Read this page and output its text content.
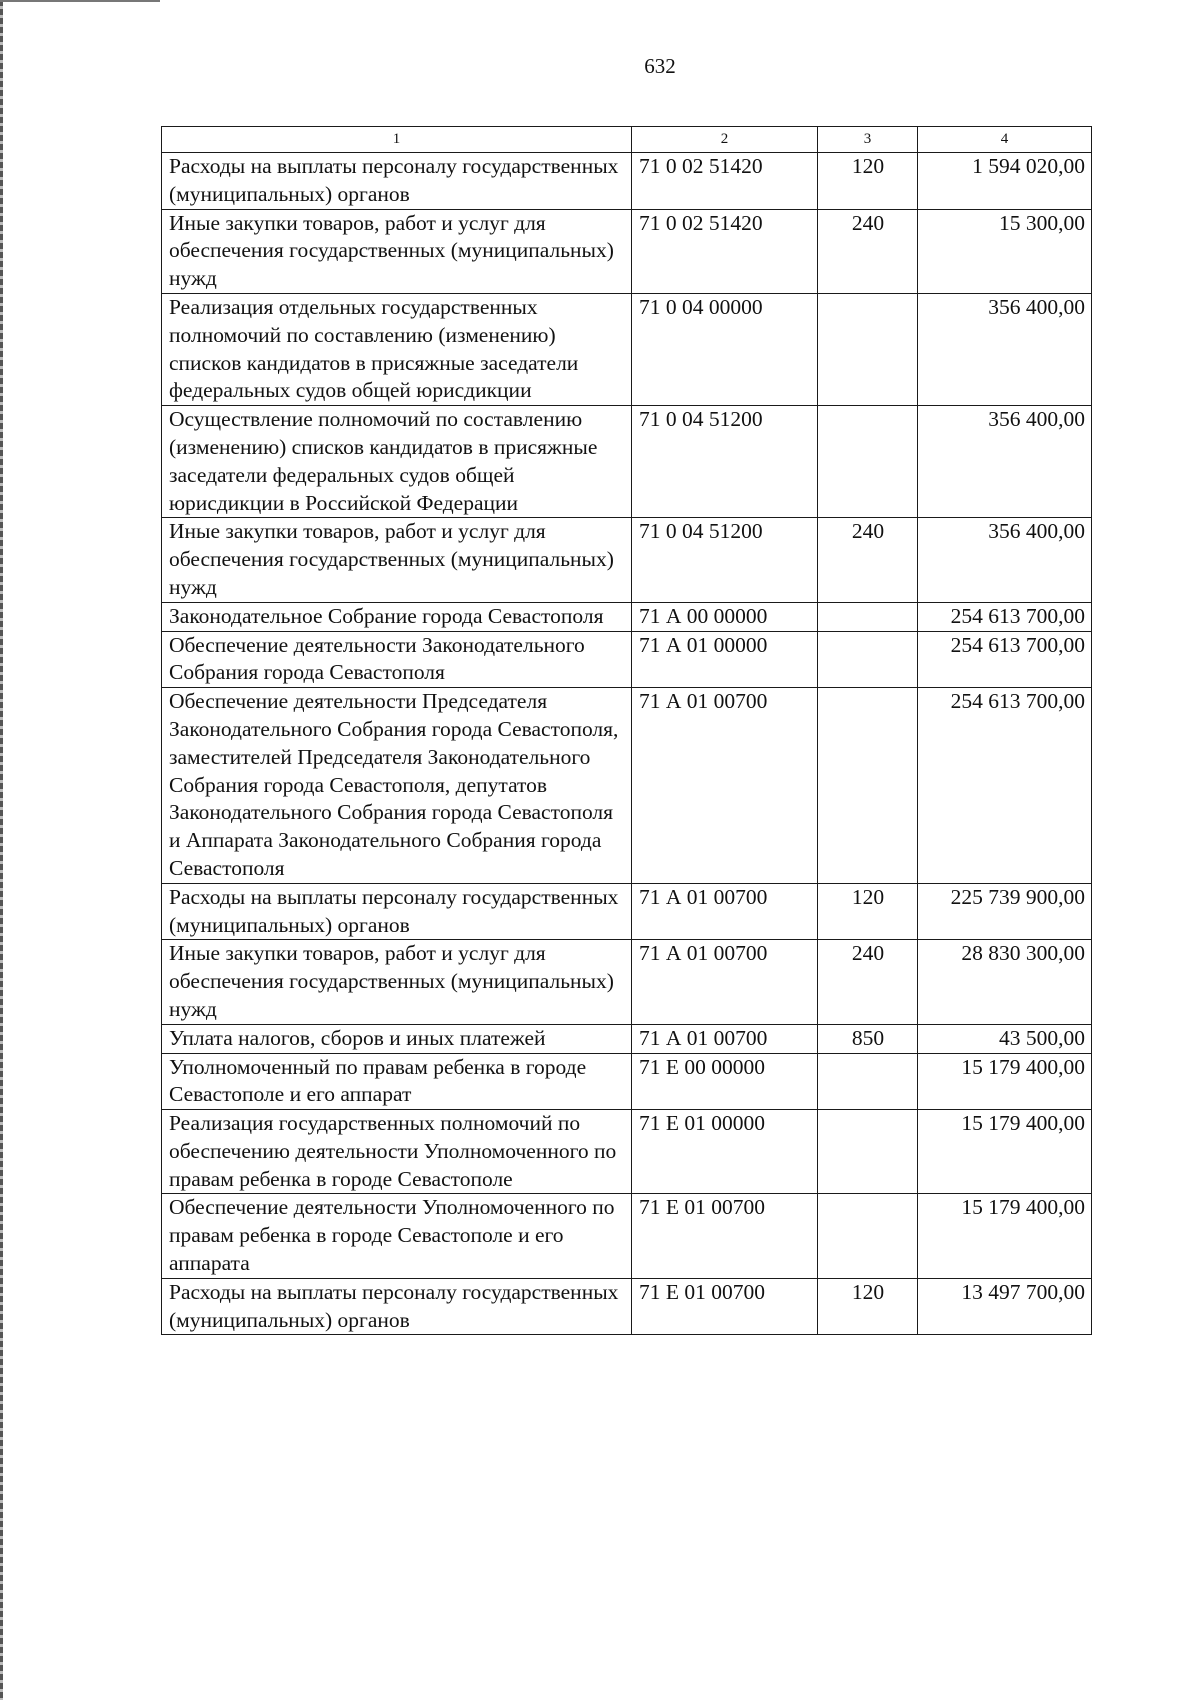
632
1	2	3	4
Расходы на выплаты персоналу государственных (муниципальных) органов	71 0 02 51420	120	1 594 020,00
Иные закупки товаров, работ и услуг для обеспечения государственных (муниципальных) нужд	71 0 02 51420	240	15 300,00
Реализация отдельных государственных полномочий по составлению (изменению) списков кандидатов в присяжные заседатели федеральных судов общей юрисдикции	71 0 04 00000		356 400,00
Осуществление полномочий по составлению (изменению) списков кандидатов в присяжные заседатели федеральных судов общей юрисдикции в Российской Федерации	71 0 04 51200		356 400,00
Иные закупки товаров, работ и услуг для обеспечения государственных (муниципальных) нужд	71 0 04 51200	240	356 400,00
Законодательное Собрание города Севастополя	71 А 00 00000		254 613 700,00
Обеспечение деятельности Законодательного Собрания города Севастополя	71 А 01 00000		254 613 700,00
Обеспечение деятельности Председателя Законодательного Собрания города Севастополя, заместителей Председателя Законодательного Собрания города Севастополя, депутатов Законодательного Собрания города Севастополя и Аппарата Законодательного Собрания города Севастополя	71 А 01 00700		254 613 700,00
Расходы на выплаты персоналу государственных (муниципальных) органов	71 А 01 00700	120	225 739 900,00
Иные закупки товаров, работ и услуг для обеспечения государственных (муниципальных) нужд	71 А 01 00700	240	28 830 300,00
Уплата налогов, сборов и иных платежей	71 А 01 00700	850	43 500,00
Уполномоченный по правам ребенка в городе Севастополе и его аппарат	71 Е 00 00000		15 179 400,00
Реализация государственных полномочий по обеспечению деятельности Уполномоченного по правам ребенка в городе Севастополе	71 Е 01 00000		15 179 400,00
Обеспечение деятельности Уполномоченного по правам ребенка в городе Севастополе и его аппарата	71 Е 01 00700		15 179 400,00
Расходы на выплаты персоналу государственных (муниципальных) органов	71 Е 01 00700	120	13 497 700,00
